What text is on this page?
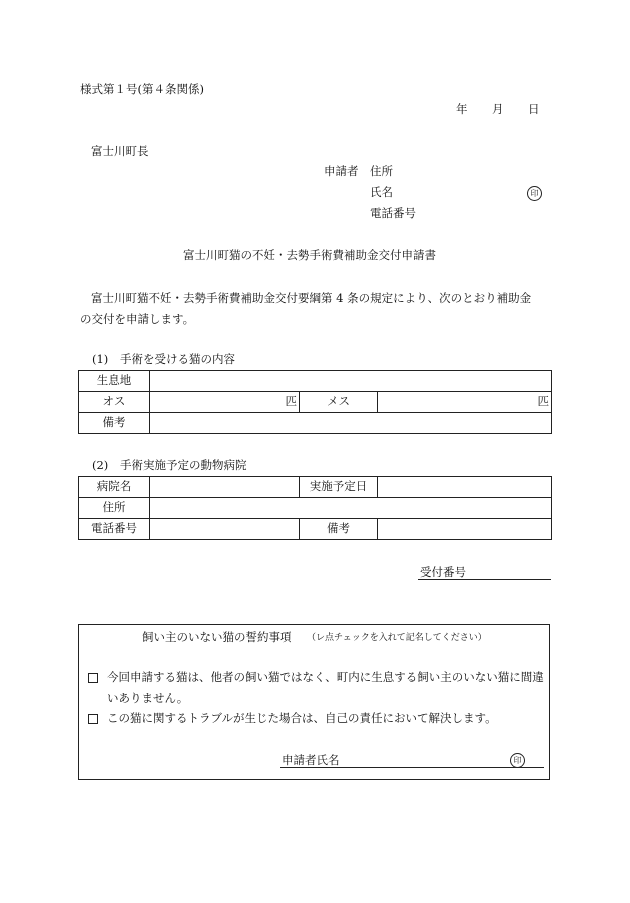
様式第１号(第４条関係)
年 月 日
富士川町長
申請者 住所
氏名	印
電話番号
富士川町猫の不妊・去勢手術費補助金交付申請書
富士川町猫不妊・去勢手術費補助金交付要綱第 4 条の規定により、次のとおり補助金
の交付を申請します。
(1) 手術を受ける猫の内容
生息地			
オス	匹	メス	匹
備考			
(2) 手術実施予定の動物病院
病院名		実施予定日	
住所			
電話番号		備考	
受付番号
飼い主のいない猫の誓約事項 （レ点チェックを入れて記名してください）
今回申請する猫は、他者の飼い猫ではなく、町内に生息する飼い主のいない猫に間違
いありません。
この猫に関するトラブルが生じた場合は、自己の責任において解決します。
申請者氏名	印
